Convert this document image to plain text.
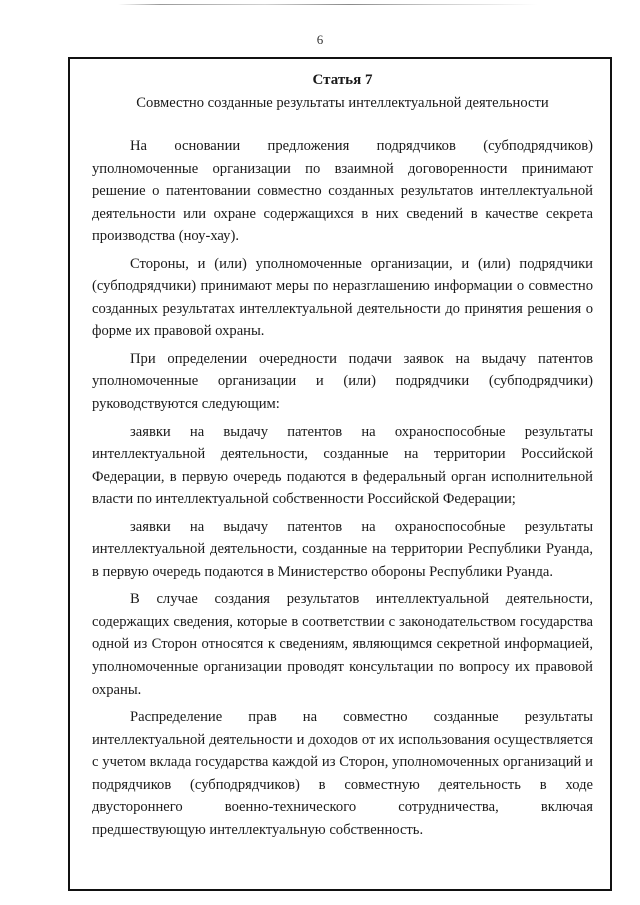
6
Статья 7
Совместно созданные результаты интеллектуальной деятельности

На основании предложения подрядчиков (субподрядчиков) уполномоченные организации по взаимной договоренности принимают решение о патентовании совместно созданных результатов интеллектуальной деятельности или охране содержащихся в них сведений в качестве секрета производства (ноу-хау).

Стороны, и (или) уполномоченные организации, и (или) подрядчики (субподрядчики) принимают меры по неразглашению информации о совместно созданных результатах интеллектуальной деятельности до принятия решения о форме их правовой охраны.

При определении очередности подачи заявок на выдачу патентов уполномоченные организации и (или) подрядчики (субподрядчики) руководствуются следующим:

заявки на выдачу патентов на охраноспособные результаты интеллектуальной деятельности, созданные на территории Российской Федерации, в первую очередь подаются в федеральный орган исполнительной власти по интеллектуальной собственности Российской Федерации;

заявки на выдачу патентов на охраноспособные результаты интеллектуальной деятельности, созданные на территории Республики Руанда, в первую очередь подаются в Министерство обороны Республики Руанда.

В случае создания результатов интеллектуальной деятельности, содержащих сведения, которые в соответствии с законодательством государства одной из Сторон относятся к сведениям, являющимся секретной информацией, уполномоченные организации проводят консультации по вопросу их правовой охраны.

Распределение прав на совместно созданные результаты интеллектуальной деятельности и доходов от их использования осуществляется с учетом вклада государства каждой из Сторон, уполномоченных организаций и подрядчиков (субподрядчиков) в совместную деятельность в ходе двустороннего военно-технического сотрудничества, включая предшествующую интеллектуальную собственность.
